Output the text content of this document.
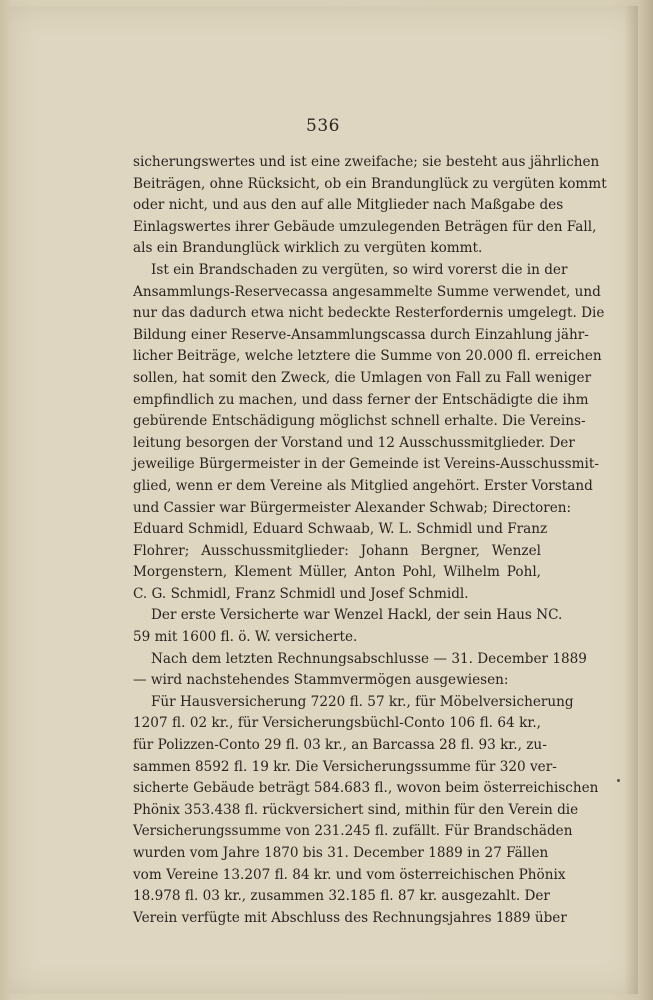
536
sicherungswertes und ist eine zweifache; sie besteht aus jährlichen
Beiträgen, ohne Rücksicht, ob ein Brandunglück zu vergüten kommt
oder nicht, und aus den auf alle Mitglieder nach Maßgabe des
Einlagswertes ihrer Gebäude umzulegenden Beträgen für den Fall,
als ein Brandunglück wirklich zu vergüten kommt.
Ist ein Brandschaden zu vergüten, so wird vorerst die in der
Ansammlungs-Reservecassa angesammelte Summe verwendet, und
nur das dadurch etwa nicht bedeckte Resterfordernis umgelegt. Die
Bildung einer Reserve-Ansammlungscassa durch Einzahlung jähr-
licher Beiträge, welche letztere die Summe von 20.000 fl. erreichen
sollen, hat somit den Zweck, die Umlagen von Fall zu Fall weniger
empfindlich zu machen, und dass ferner der Entschädigte die ihm
gebürende Entschädigung möglichst schnell erhalte. Die Vereins-
leitung besorgen der Vorstand und 12 Ausschussmitglieder. Der
jeweilige Bürgermeister in der Gemeinde ist Vereins-Ausschussmit-
glied, wenn er dem Vereine als Mitglied angehört. Erster Vorstand
und Cassier war Bürgermeister Alexander Schwab; Directoren:
Eduard Schmidl, Eduard Schwaab, W. L. Schmidl und Franz
Flohrer; Ausschussmitglieder: Johann Bergner, Wenzel
Morgenstern, Klement Müller, Anton Pohl, Wilhelm Pohl,
C. G. Schmidl, Franz Schmidl und Josef Schmidl.
Der erste Versicherte war Wenzel Hackl, der sein Haus NC.
59 mit 1600 fl. ö. W. versicherte.
Nach dem letzten Rechnungsabschlusse — 31. December 1889
— wird nachstehendes Stammvermögen ausgewiesen:
Für Hausversicherung 7220 fl. 57 kr., für Möbelversicherung
1207 fl. 02 kr., für Versicherungsbüchl-Conto 106 fl. 64 kr.,
für Polizzen-Conto 29 fl. 03 kr., an Barcassa 28 fl. 93 kr., zu-
sammen 8592 fl. 19 kr. Die Versicherungssumme für 320 ver-
sicherte Gebäude beträgt 584.683 fl., wovon beim österreichischen
Phönix 353.438 fl. rückversichert sind, mithin für den Verein die
Versicherungssumme von 231.245 fl. zufällt. Für Brandschäden
wurden vom Jahre 1870 bis 31. December 1889 in 27 Fällen
vom Vereine 13.207 fl. 84 kr. und vom österreichischen Phönix
18.978 fl. 03 kr., zusammen 32.185 fl. 87 kr. ausgezahlt. Der
Verein verfügte mit Abschluss des Rechnungsjahres 1889 über
